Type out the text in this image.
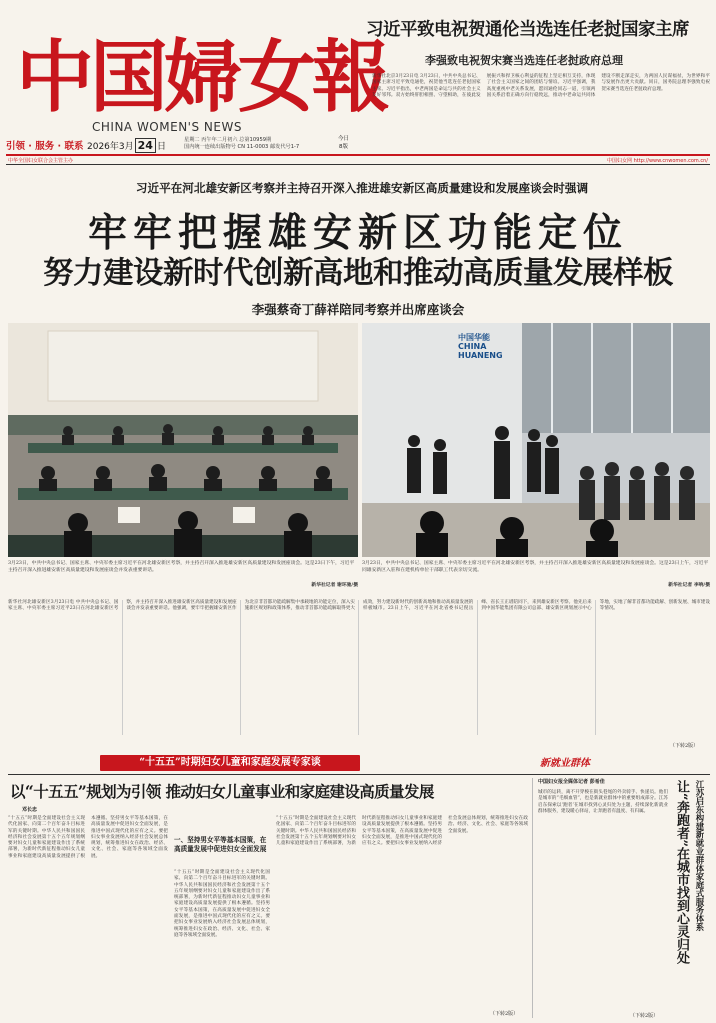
中国婦女報
CHINA WOMEN'S NEWS
引领 · 服务 · 联系 2026年3月 24 日
星期二 丙午年二月初六 总第10959期
国内统一连续出版物号 CN 11-0003 邮发代号1-7
今日
8版
中华全国妇女联合会主管主办	中国妇女网 http://www.cnwomen.com.cn/
习近平致电祝贺通伦当选连任老挝国家主席
李强致电祝贺宋赛当选连任老挝政府总理
新华社北京3月23日电 3月23日，中共中央总书记、国家主席习近平致电通伦，祝贺他当选连任老挝国家主席。习近平指出，中老两国是命运与共的社会主义友好邻邦。双方始终肝胆相照、守望相助，在彼此发展振兴和捍卫核心利益的征程上坚定相互支持，体现了社会主义国家之间的团结与情谊。习近平强调，我高度重视中老关系发展，愿同通伦同志一道，引领两国关系沿着正确方向行稳致远，推动中老命运共同体建设不断走深走实，为两国人民谋福祉，为世界和平与发展作出更大贡献。同日，国务院总理李强致电祝贺宋赛当选连任老挝政府总理。
习近平在河北雄安新区考察并主持召开深入推进雄安新区高质量建设和发展座谈会时强调
牢牢把握雄安新区功能定位
努力建设新时代创新高地和推动高质量发展样板
李强蔡奇丁薛祥陪同考察并出席座谈会
中国华能 CHINA HUANENG
3月23日，中共中央总书记、国家主席、中央军委主席习近平在河北雄安新区考察，并主持召开深入推进雄安新区高质量建设和发展座谈会。这是23日下午，习近平主持召开深入推进雄安新区高质量建设和发展座谈会并发表重要讲话。
新华社记者 谢环驰/摄
3月23日，中共中央总书记、国家主席、中央军委主席习近平在河北雄安新区考察，并主持召开深入推进雄安新区高质量建设和发展座谈会。这是23日上午，习近平同雄安新区入驻和在建机构单位干部职工代表亲切交流。
新华社记者 李响/摄
新华社河北雄安新区3月23日电 中共中央总书记、国家主席、中央军委主席习近平23日在河北雄安新区考察，并主持召开深入推进雄安新区高质量建设和发展座谈会并发表重要讲话。他强调，要牢牢把握雄安新区作为北京非首都功能疏解集中承载地的功能定位，深入实施新区规划和政策体系，推动非首都功能疏解取得更大成效，努力建设新时代的创新高地和推动高质量发展的样板城市。23日上午，习近平在河北省委书记倪岳峰、省长王正谱陪同下，来到雄安新区考察。他先后来到中国华能集团有限公司总部、雄安新区规划展示中心等地，实地了解非首都功能疏解、创新发展、城市建设等情况。
（下转2版）
“十五五”时期妇女儿童和家庭发展专家谈	新就业群体
以“十五五”规划为引领 推动妇女儿童事业和家庭建设高质量发展
邓长忠
“十五五”时期是全面建设社会主义现代化国家、向第二个百年奋斗目标进军的关键时期。中华人民共和国国民经济和社会发展第十五个五年规划纲要对妇女儿童和家庭建设作出了系统部署，为新时代新征程推动妇女儿童事业和家庭建设高质量发展提供了根本遵循。坚持男女平等基本国策，在高质量发展中促进妇女全面发展，是推进中国式现代化的应有之义。要把妇女事业发展纳入经济社会发展总体规划，统筹推进妇女在政治、经济、文化、社会、家庭等各领域全面发展。
一、坚持男女平等基本国策，在高质量发展中促进妇女全面发展
“十五五”时期是全面建设社会主义现代化国家、向第二个百年奋斗目标进军的关键时期。中华人民共和国国民经济和社会发展第十五个五年规划纲要对妇女儿童和家庭建设作出了系统部署，为新时代新征程推动妇女儿童事业和家庭建设高质量发展提供了根本遵循。坚持男女平等基本国策，在高质量发展中促进妇女全面发展，是推进中国式现代化的应有之义。要把妇女事业发展纳入经济社会发展总体规划，统筹推进妇女在政治、经济、文化、社会、家庭等各领域全面发展。
“十五五”时期是全面建设社会主义现代化国家、向第二个百年奋斗目标进军的关键时期。中华人民共和国国民经济和社会发展第十五个五年规划纲要对妇女儿童和家庭建设作出了系统部署，为新时代新征程推动妇女儿童事业和家庭建设高质量发展提供了根本遵循。坚持男女平等基本国策，在高质量发展中促进妇女全面发展，是推进中国式现代化的应有之义。要把妇女事业发展纳入经济社会发展总体规划，统筹推进妇女在政治、经济、文化、社会、家庭等各领域全面发展。
（下转2版）
中国妇女报全媒体记者 彭希佳
城市的运转，离不开穿梭在街头巷尾的外卖骑手、快递员。他们是城市的“毛细血管”，也是新就业群体中的重要组成部分。江苏启东探索以‘跑者’在城市找到心灵归处为主题，持续深化新就业群体服务，建设暖心驿站，让奔跑者有温度、有归属。
（下转2版）
让“奔跑者”在城市找到心灵归处 江苏启东构建新就业群体家庭式服务体系
